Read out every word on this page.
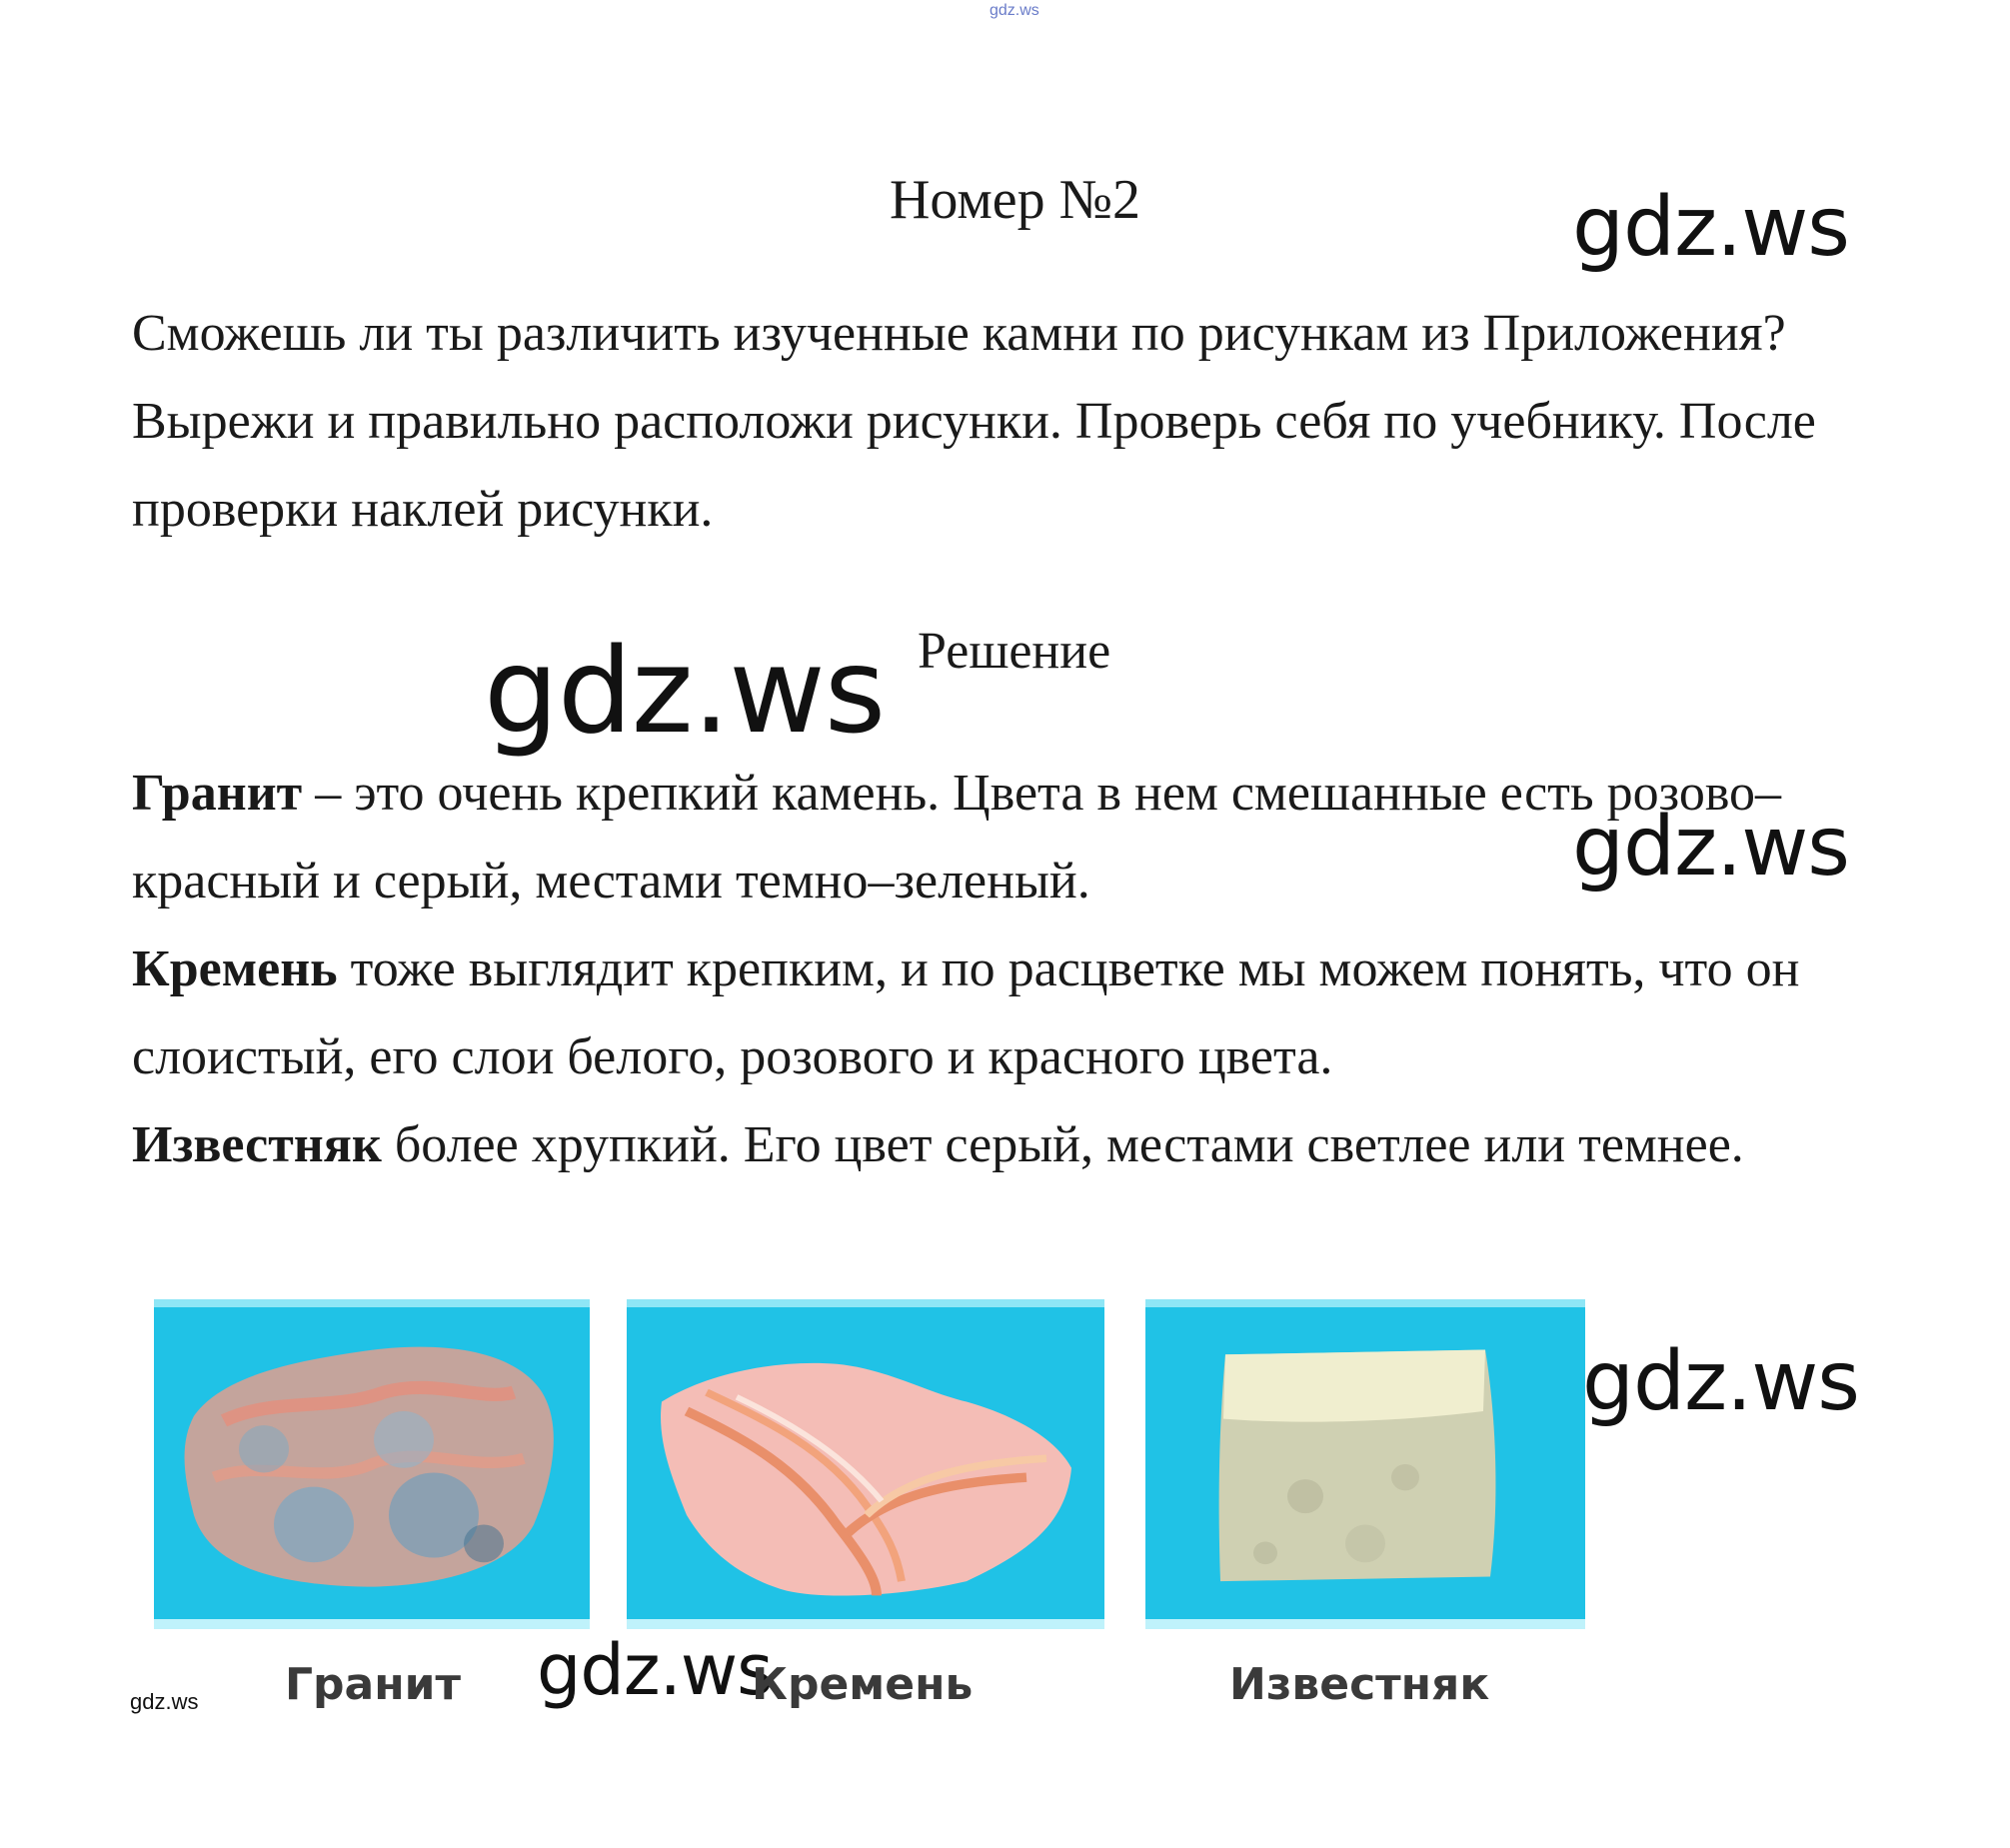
gdz.ws
Номер №2	gdz.ws
Сможешь ли ты различить изученные камни по рисункам из Приложения? Вырежи и правильно расположи рисунки. Проверь себя по учебнику. После проверки наклей рисунки.
gdz.ws Решение
Гранит – это очень крепкий камень. Цвета в нем смешанные есть розово–красный и серый, местами темно–зеленый.
Кремень тоже выглядит крепким, и по расцветке мы можем понять, что он слоистый, его слои белого, розового и красного цвета.
Известняк более хрупкий. Его цвет серый, местами светлее или темнее.
gdz.ws
gdz.ws
gdz.ws Гранит gdz.ws
Кремень	Известняк
